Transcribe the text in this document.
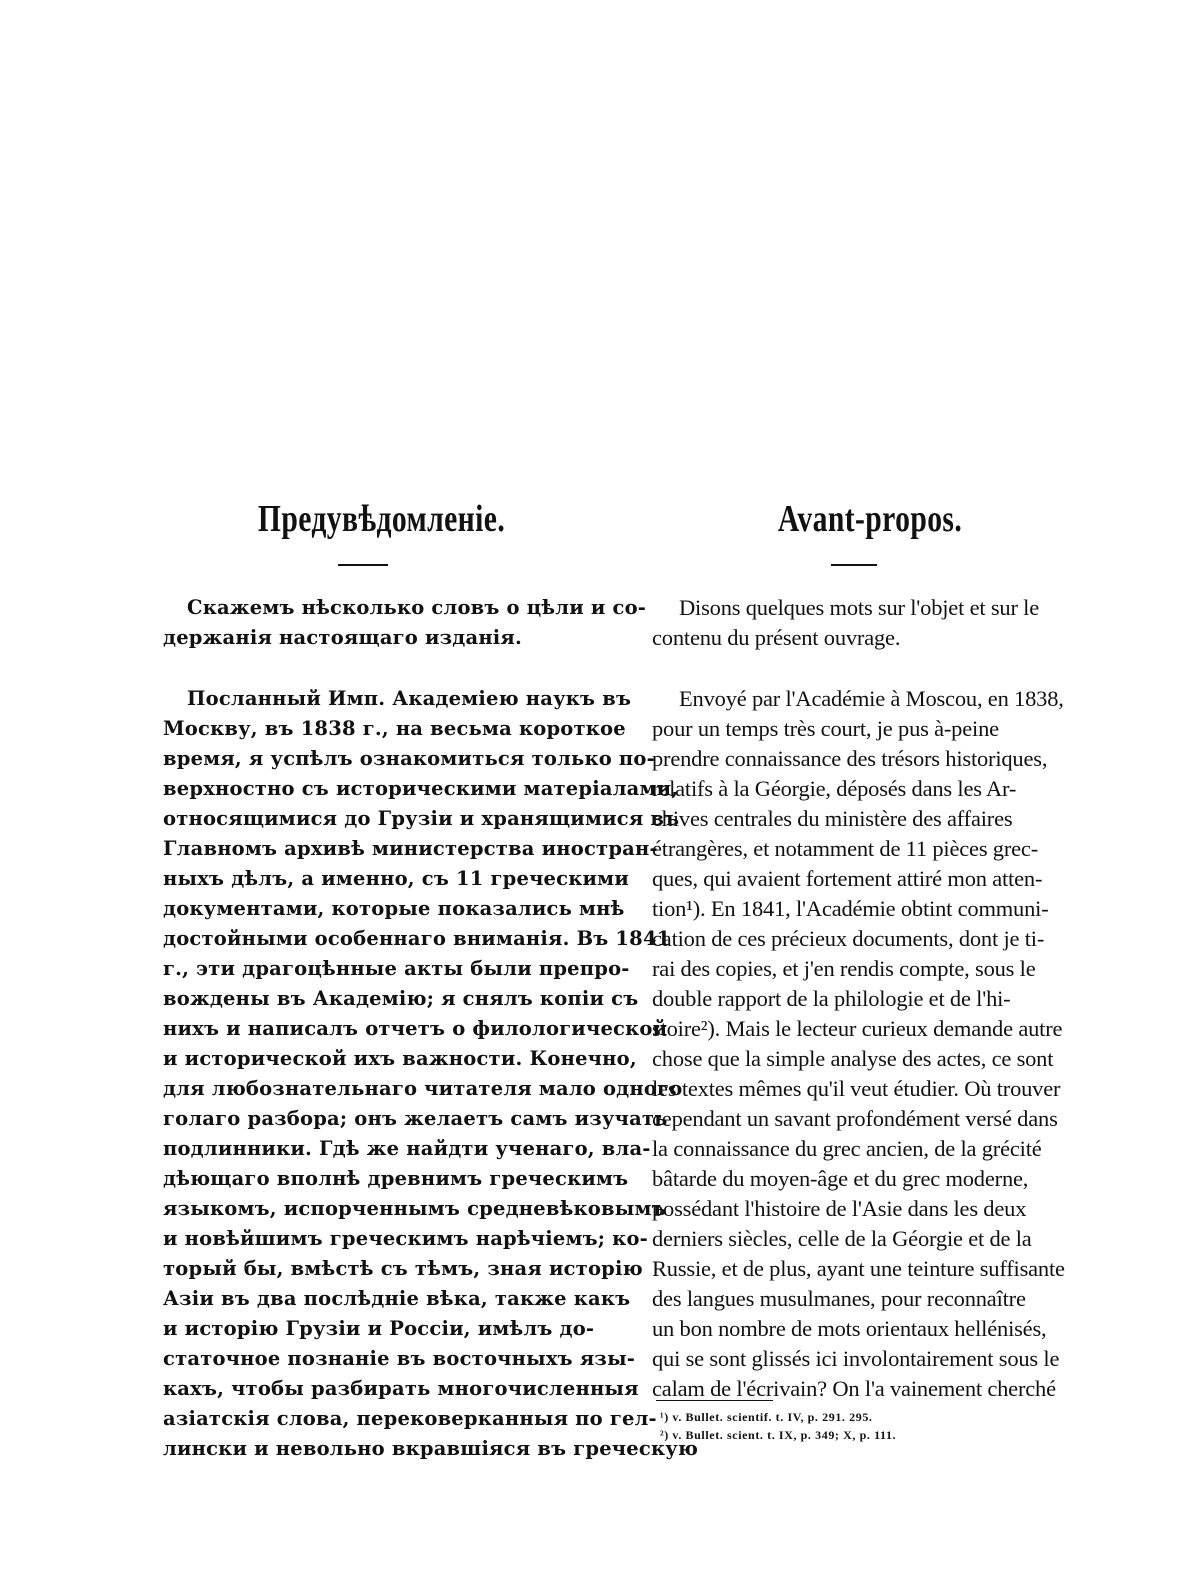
Предувѣдомленіе.

Скажемъ нѣсколько словъ о цѣли и со-
держанія настоящаго изданія.

Посланный Имп. Академіею наукъ въ
Москву, въ 1838 г., на весьма короткое
время, я успѣлъ ознакомиться только по-
верхностно съ историческими матеріалами,
относящимися до Грузіи и хранящимися въ
Главномъ архивѣ министерства иностран-
ныхъ дѣлъ, а именно, съ 11 греческими
документами, которые показались мнѣ
достойными особеннаго вниманія. Въ 1841
г., эти драгоцѣнные акты были препро-
вождены въ Академію; я снялъ копіи съ
нихъ и написалъ отчетъ о филологической
и исторической ихъ важности. Конечно,
для любознательнаго читателя мало одного
голаго разбора; онъ желаетъ самъ изучать
подлинники. Гдѣ же найдти ученаго, вла-
дѣющаго вполнѣ древнимъ греческимъ
языкомъ, испорченнымъ средневѣковымъ
и новѣйшимъ греческимъ нарѣчіемъ; ко-
торый бы, вмѣстѣ съ тѣмъ, зная исторію
Азіи въ два послѣдніе вѣка, также какъ
и исторію Грузіи и Россіи, имѣлъ до-
статочное познаніе въ восточныхъ язы-
кахъ, чтобы разбирать многочисленныя
азіатскія слова, перековерканныя по гел-
лински и невольно вкравшіяся въ греческую

Avant-propos.

Disons quelques mots sur l'objet et sur le
contenu du présent ouvrage.

Envoyé par l'Académie à Moscou, en 1838,
pour un temps très court, je pus à-peine
prendre connaissance des trésors historiques,
relatifs à la Géorgie, déposés dans les Ar-
chives centrales du ministère des affaires
étrangères, et notamment de 11 pièces grec-
ques, qui avaient fortement attiré mon atten-
tion¹). En 1841, l'Académie obtint communi-
cation de ces précieux documents, dont je ti-
rai des copies, et j'en rendis compte, sous le
double rapport de la philologie et de l'hi-
stoire²). Mais le lecteur curieux demande autre
chose que la simple analyse des actes, ce sont
les textes mêmes qu'il veut étudier. Où trouver
cependant un savant profondément versé dans
la connaissance du grec ancien, de la grécité
bâtarde du moyen-âge et du grec moderne,
possédant l'histoire de l'Asie dans les deux
derniers siècles, celle de la Géorgie et de la
Russie, et de plus, ayant une teinture suffisante
des langues musulmanes, pour reconnaître
un bon nombre de mots orientaux hellénisés,
qui se sont glissés ici involontairement sous le
calam de l'écrivain? On l'a vainement cherché

¹) v. Bullet. scientif. t. IV, p. 291. 295.
²) v. Bullet. scient. t. IX, p. 349; X, p. 111.
